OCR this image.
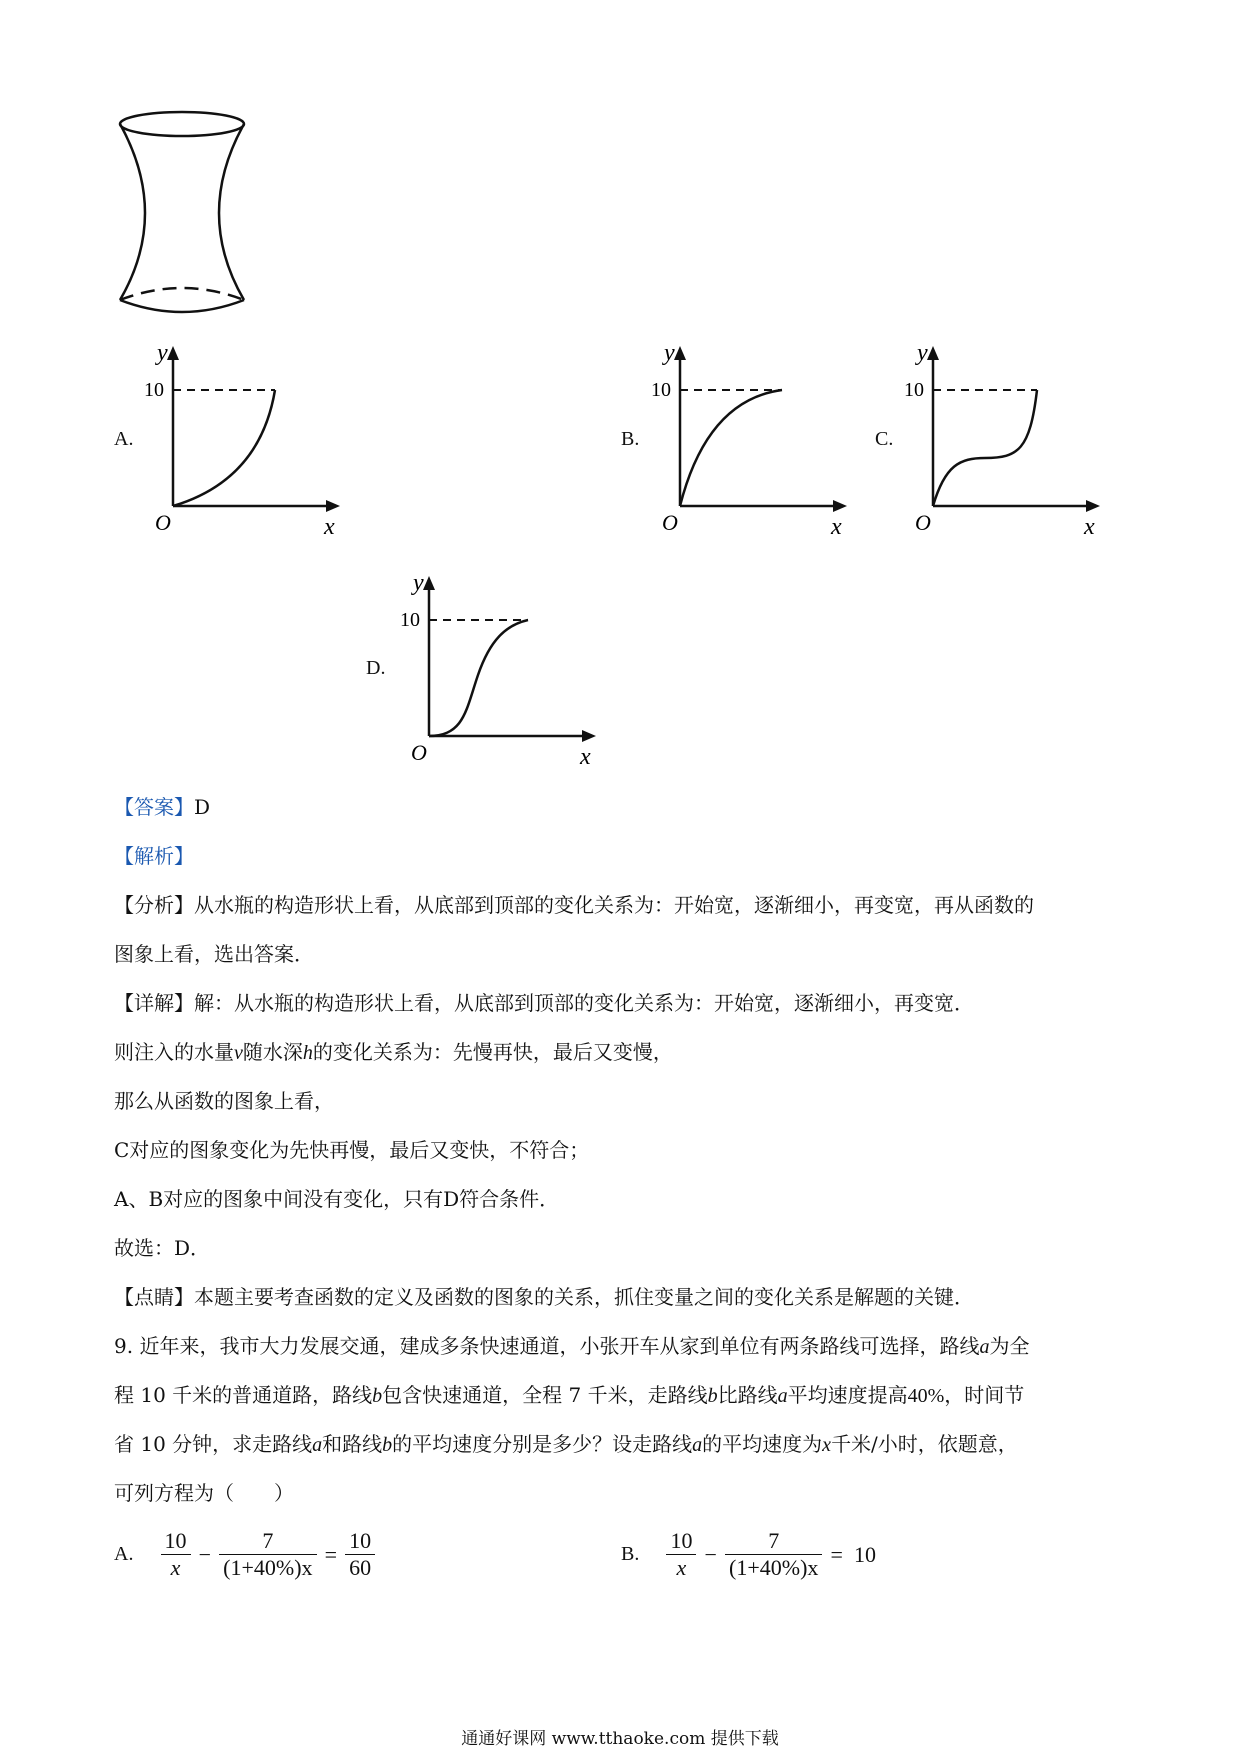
y
10
O	x
A.
y
10
O	x
B.
y
10
O	x
C.
y
10
O	x
D.
【答案】D
【解析】
【分析】从水瓶的构造形状上看，从底部到顶部的变化关系为：开始宽，逐渐细小，再变宽，再从函数的
图象上看，选出答案．
【详解】解：从水瓶的构造形状上看，从底部到顶部的变化关系为：开始宽，逐渐细小，再变宽．
则注入的水量v随水深h的变化关系为：先慢再快，最后又变慢，
那么从函数的图象上看，
C对应的图象变化为先快再慢，最后又变快，不符合；
A、B对应的图象中间没有变化，只有D符合条件．
故选：D．
【点睛】本题主要考查函数的定义及函数的图象的关系，抓住变量之间的变化关系是解题的关键．
9. 近年来，我市大力发展交通，建成多条快速通道，小张开车从家到单位有两条路线可选择，路线a为全
程 10 千米的普通道路，路线b包含快速通道，全程 7 千米，走路线b比路线a平均速度提高40%，时间节
省 10 分钟，求走路线a和路线b的平均速度分别是多少？设走路线a的平均速度为x千米/小时，依题意，
可列方程为（　　）
A. $\frac{10}{x} - \frac{7}{(1+40\%)x} = \frac{10}{60}$	B. $\frac{10}{x} - \frac{7}{(1+40\%)x} = 10$
通通好课网 www.tthaoke.com 提供下载
